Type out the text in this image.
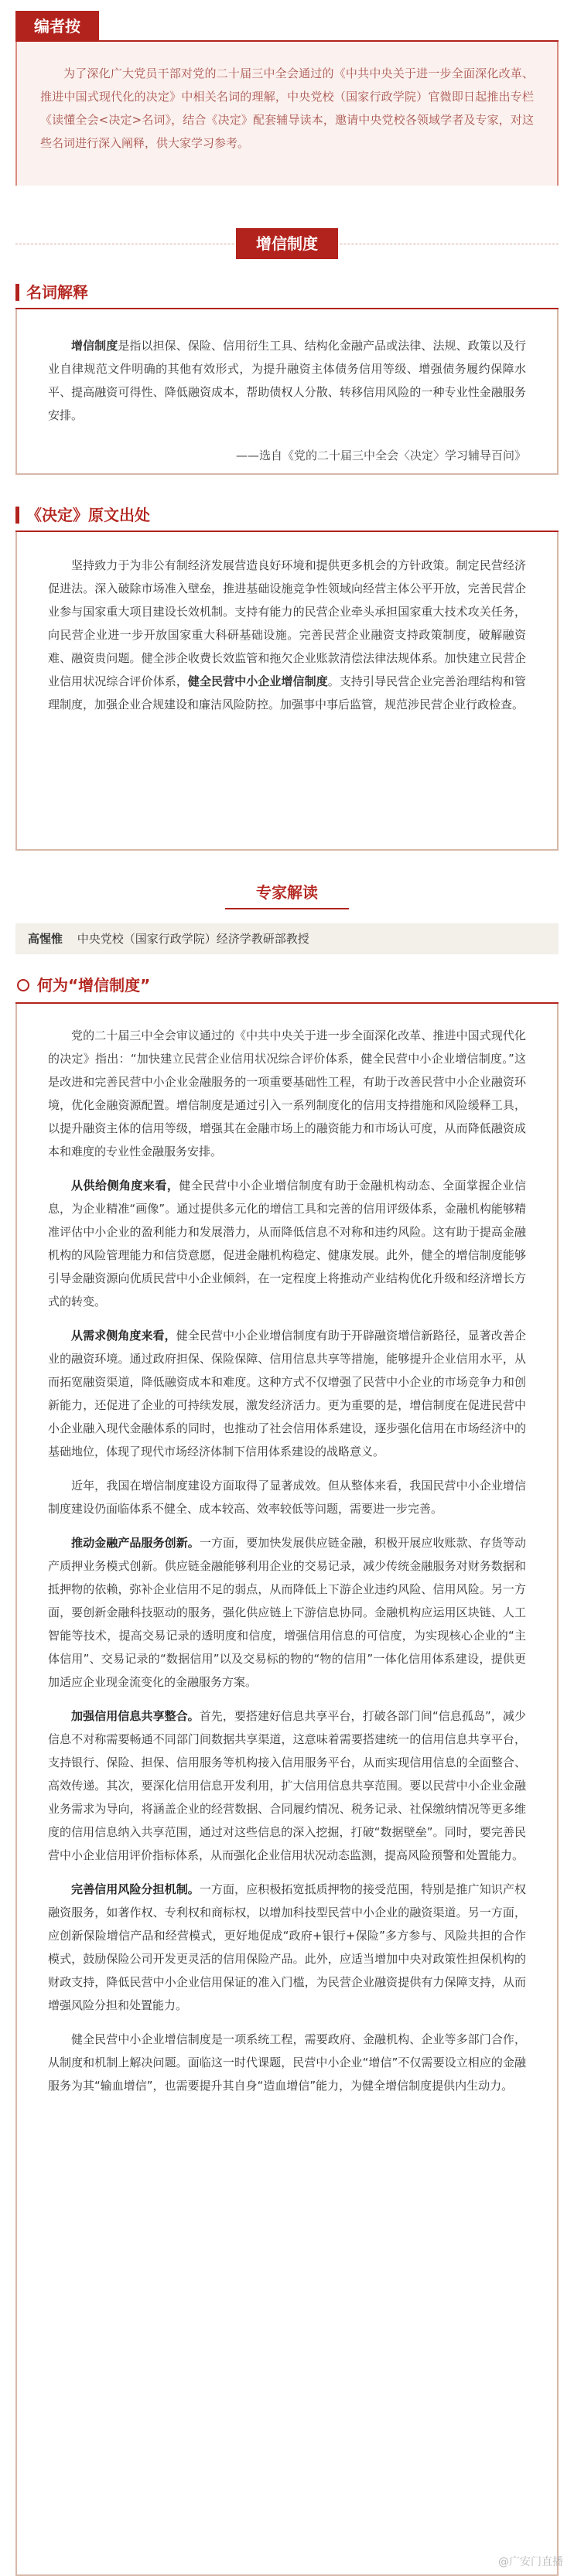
编者按
为了深化广大党员干部对党的二十届三中全会通过的《中共中央关于进一步全面深化改革、推进中国式现代化的决定》中相关名词的理解，中央党校（国家行政学院）官微即日起推出专栏《读懂全会<决定>名词》，结合《决定》配套辅导读本，邀请中央党校各领域学者及专家，对这些名词进行深入阐释，供大家学习参考。
增信制度
名词解释

增信制度是指以担保、保险、信用衍生工具、结构化金融产品或法律、法规、政策以及行业自律规范文件明确的其他有效形式，为提升融资主体债务信用等级、增强债务履约保障水平、提高融资可得性、降低融资成本，帮助债权人分散、转移信用风险的一种专业性金融服务安排。

——选自《党的二十届三中全会〈决定〉学习辅导百问》
《决定》原文出处

坚持致力于为非公有制经济发展营造良好环境和提供更多机会的方针政策。制定民营经济促进法。深入破除市场准入壁垒，推进基础设施竞争性领域向经营主体公平开放，完善民营企业参与国家重大项目建设长效机制。支持有能力的民营企业牵头承担国家重大技术攻关任务，向民营企业进一步开放国家重大科研基础设施。完善民营企业融资支持政策制度，破解融资难、融资贵问题。健全涉企收费长效监管和拖欠企业账款清偿法律法规体系。加快建立民营企业信用状况综合评价体系，健全民营中小企业增信制度。支持引导民营企业完善治理结构和管理制度，加强企业合规建设和廉洁风险防控。加强事中事后监管，规范涉民营企业行政检查。

专家解读
高惺惟 中央党校（国家行政学院）经济学教研部教授
何为“增信制度”

党的二十届三中全会审议通过的《中共中央关于进一步全面深化改革、推进中国式现代化的决定》指出：“加快建立民营企业信用状况综合评价体系，健全民营中小企业增信制度。”这是改进和完善民营中小企业金融服务的一项重要基础性工程，有助于改善民营中小企业融资环境，优化金融资源配置。增信制度是通过引入一系列制度化的信用支持措施和风险缓释工具，以提升融资主体的信用等级，增强其在金融市场上的融资能力和市场认可度，从而降低融资成本和难度的专业性金融服务安排。

从供给侧角度来看，健全民营中小企业增信制度有助于金融机构动态、全面掌握企业信息，为企业精准“画像”。通过提供多元化的增信工具和完善的信用评级体系，金融机构能够精准评估中小企业的盈利能力和发展潜力，从而降低信息不对称和违约风险。这有助于提高金融机构的风险管理能力和信贷意愿，促进金融机构稳定、健康发展。此外，健全的增信制度能够引导金融资源向优质民营中小企业倾斜，在一定程度上将推动产业结构优化升级和经济增长方式的转变。

从需求侧角度来看，健全民营中小企业增信制度有助于开辟融资增信新路径，显著改善企业的融资环境。通过政府担保、保险保障、信用信息共享等措施，能够提升企业信用水平，从而拓宽融资渠道，降低融资成本和难度。这种方式不仅增强了民营中小企业的市场竞争力和创新能力，还促进了企业的可持续发展，激发经济活力。更为重要的是，增信制度在促进民营中小企业融入现代金融体系的同时，也推动了社会信用体系建设，逐步强化信用在市场经济中的基础地位，体现了现代市场经济体制下信用体系建设的战略意义。

近年，我国在增信制度建设方面取得了显著成效。但从整体来看，我国民营中小企业增信制度建设仍面临体系不健全、成本较高、效率较低等问题，需要进一步完善。

推动金融产品服务创新。一方面，要加快发展供应链金融，积极开展应收账款、存货等动产质押业务模式创新。供应链金融能够利用企业的交易记录，减少传统金融服务对财务数据和抵押物的依赖，弥补企业信用不足的弱点，从而降低上下游企业违约风险、信用风险。另一方面，要创新金融科技驱动的服务，强化供应链上下游信息协同。金融机构应运用区块链、人工智能等技术，提高交易记录的透明度和信度，增强信用信息的可信度，为实现核心企业的“主体信用”、交易记录的“数据信用”以及交易标的物的“物的信用”一体化信用体系建设，提供更加适应企业现金流变化的金融服务方案。

加强信用信息共享整合。首先，要搭建好信息共享平台，打破各部门间“信息孤岛”，减少信息不对称需要畅通不同部门间数据共享渠道，这意味着需要搭建统一的信用信息共享平台，支持银行、保险、担保、信用服务等机构接入信用服务平台，从而实现信用信息的全面整合、高效传递。其次，要深化信用信息开发利用，扩大信用信息共享范围。要以民营中小企业金融业务需求为导向，将涵盖企业的经营数据、合同履约情况、税务记录、社保缴纳情况等更多维度的信用信息纳入共享范围，通过对这些信息的深入挖掘，打破“数据壁垒”。同时，要完善民营中小企业信用评价指标体系，从而强化企业信用状况动态监测，提高风险预警和处置能力。

完善信用风险分担机制。一方面，应积极拓宽抵质押物的接受范围，特别是推广知识产权融资服务，如著作权、专利权和商标权，以增加科技型民营中小企业的融资渠道。另一方面，应创新保险增信产品和经营模式，更好地促成“政府+银行+保险”多方参与、风险共担的合作模式，鼓励保险公司开发更灵活的信用保险产品。此外，应适当增加中央对政策性担保机构的财政支持，降低民营中小企业信用保证的准入门槛，为民营企业融资提供有力保障支持，从而增强风险分担和处置能力。

健全民营中小企业增信制度是一项系统工程，需要政府、金融机构、企业等多部门合作，从制度和机制上解决问题。面临这一时代课题，民营中小企业“增信”不仅需要设立相应的金融服务为其“输血增信”，也需要提升其自身“造血增信”能力，为健全增信制度提供内生动力。

@广安门直播
